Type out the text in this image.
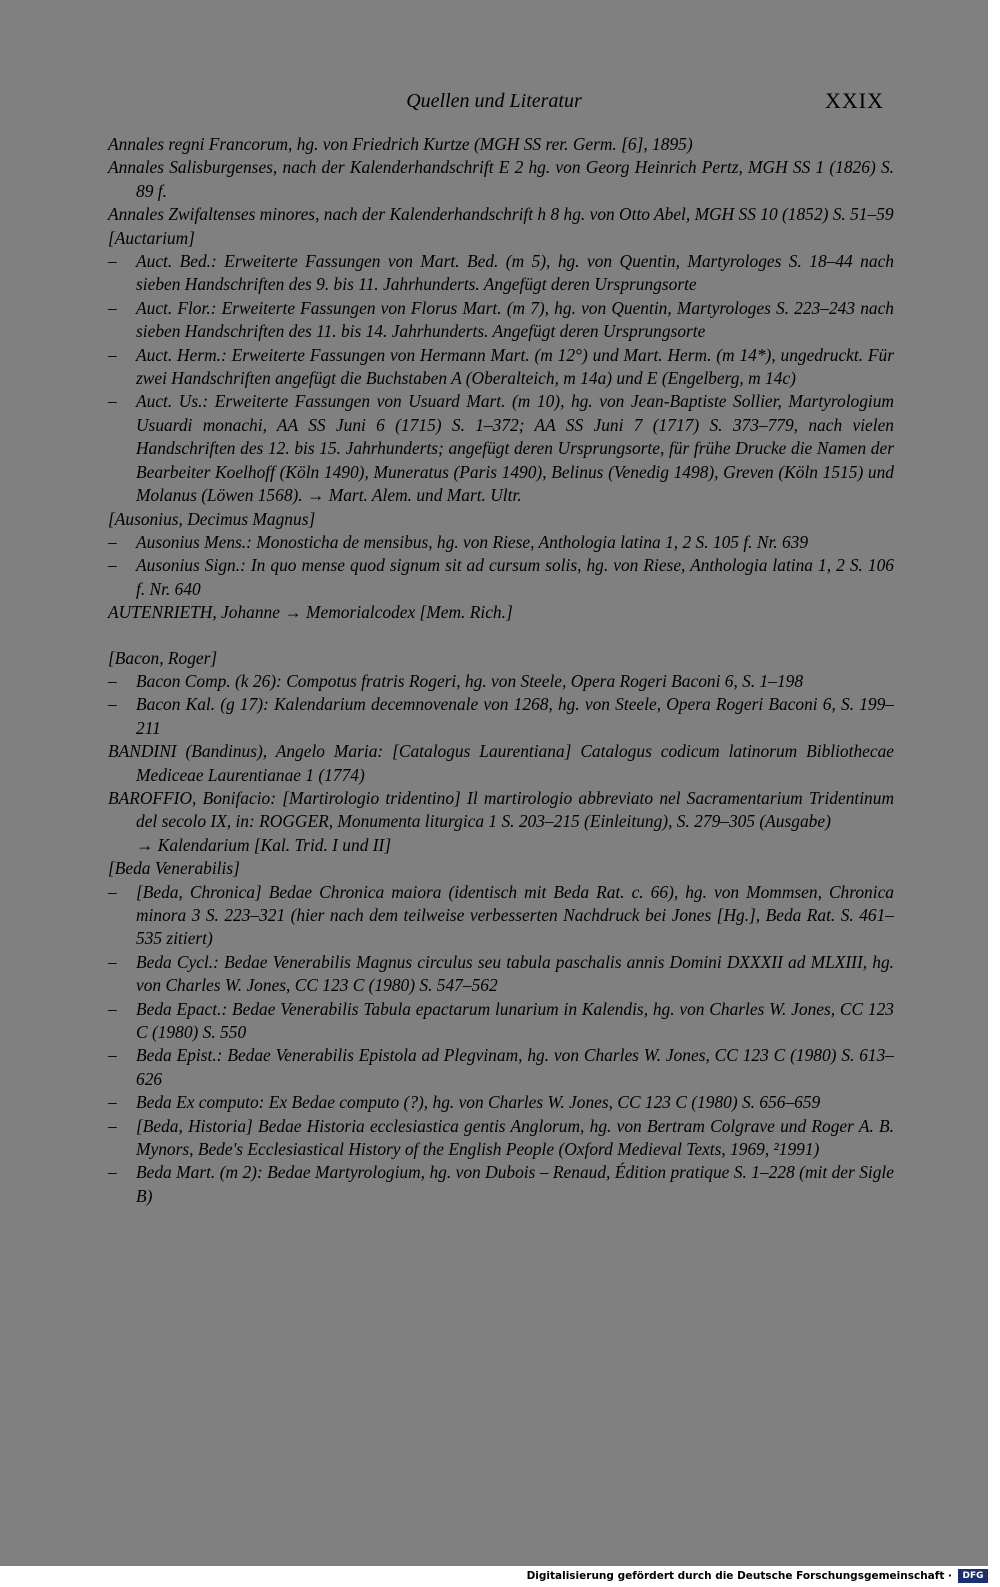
Quellen und Literatur	XXIX
Annales regni Francorum, hg. von Friedrich Kurtze (MGH SS rer. Germ. [6], 1895)
Annales Salisburgenses, nach der Kalenderhandschrift E 2 hg. von Georg Heinrich Pertz, MGH SS 1 (1826) S. 89 f.
Annales Zwifaltenses minores, nach der Kalenderhandschrift h 8 hg. von Otto Abel, MGH SS 10 (1852) S. 51–59
[Auctarium]
– Auct. Bed.: Erweiterte Fassungen von Mart. Bed. (m 5), hg. von Quentin, Martyrologes S. 18–44 nach sieben Handschriften des 9. bis 11. Jahrhunderts. Angefügt deren Ursprungsorte
– Auct. Flor.: Erweiterte Fassungen von Florus Mart. (m 7), hg. von Quentin, Martyrologes S. 223–243 nach sieben Handschriften des 11. bis 14. Jahrhunderts. Angefügt deren Ursprungsorte
– Auct. Herm.: Erweiterte Fassungen von Hermann Mart. (m 12°) und Mart. Herm. (m 14*), ungedruckt. Für zwei Handschriften angefügt die Buchstaben A (Oberalteich, m 14a) und E (Engelberg, m 14c)
– Auct. Us.: Erweiterte Fassungen von Usuard Mart. (m 10), hg. von Jean-Baptiste Sollier, Martyrologium Usuardi monachi, AA SS Juni 6 (1715) S. 1–372; AA SS Juni 7 (1717) S. 373–779, nach vielen Handschriften des 12. bis 15. Jahrhunderts; angefügt deren Ursprungsorte, für frühe Drucke die Namen der Bearbeiter Koelhoff (Köln 1490), Muneratus (Paris 1490), Belinus (Venedig 1498), Greven (Köln 1515) und Molanus (Löwen 1568). → Mart. Alem. und Mart. Ultr.
[Ausonius, Decimus Magnus]
– Ausonius Mens.: Monosticha de mensibus, hg. von Riese, Anthologia latina 1, 2 S. 105 f. Nr. 639
– Ausonius Sign.: In quo mense quod signum sit ad cursum solis, hg. von Riese, Anthologia latina 1, 2 S. 106 f. Nr. 640
AUTENRIETH, Johanne → Memorialcodex [Mem. Rich.]
[Bacon, Roger]
– Bacon Comp. (k 26): Compotus fratris Rogeri, hg. von Steele, Opera Rogeri Baconi 6, S. 1–198
– Bacon Kal. (g 17): Kalendarium decemnovenale von 1268, hg. von Steele, Opera Rogeri Baconi 6, S. 199–211
BANDINI (Bandinus), Angelo Maria: [Catalogus Laurentiana] Catalogus codicum latinorum Bibliothecae Mediceae Laurentianae 1 (1774)
BAROFFIO, Bonifacio: [Martirologio tridentino] Il martirologio abbreviato nel Sacramentarium Tridentinum del secolo IX, in: ROGGER, Monumenta liturgica 1 S. 203–215 (Einleitung), S. 279–305 (Ausgabe)
→ Kalendarium [Kal. Trid. I und II]
[Beda Venerabilis]
– [Beda, Chronica] Bedae Chronica maiora (identisch mit Beda Rat. c. 66), hg. von Mommsen, Chronica minora 3 S. 223–321 (hier nach dem teilweise verbesserten Nachdruck bei Jones [Hg.], Beda Rat. S. 461–535 zitiert)
– Beda Cycl.: Bedae Venerabilis Magnus circulus seu tabula paschalis annis Domini DXXXII ad MLXIII, hg. von Charles W. Jones, CC 123 C (1980) S. 547–562
– Beda Epact.: Bedae Venerabilis Tabula epactarum lunarium in Kalendis, hg. von Charles W. Jones, CC 123 C (1980) S. 550
– Beda Epist.: Bedae Venerabilis Epistola ad Plegvinam, hg. von Charles W. Jones, CC 123 C (1980) S. 613–626
– Beda Ex computo: Ex Bedae computo (?), hg. von Charles W. Jones, CC 123 C (1980) S. 656–659
– [Beda, Historia] Bedae Historia ecclesiastica gentis Anglorum, hg. von Bertram Colgrave und Roger A. B. Mynors, Bede's Ecclesiastical History of the English People (Oxford Medieval Texts, 1969, ²1991)
– Beda Mart. (m 2): Bedae Martyrologium, hg. von Dubois – Renaud, Édition pratique S. 1–228 (mit der Sigle B)
Digitalisierung gefördert durch die Deutsche Forschungsgemeinschaft ·	DFG
